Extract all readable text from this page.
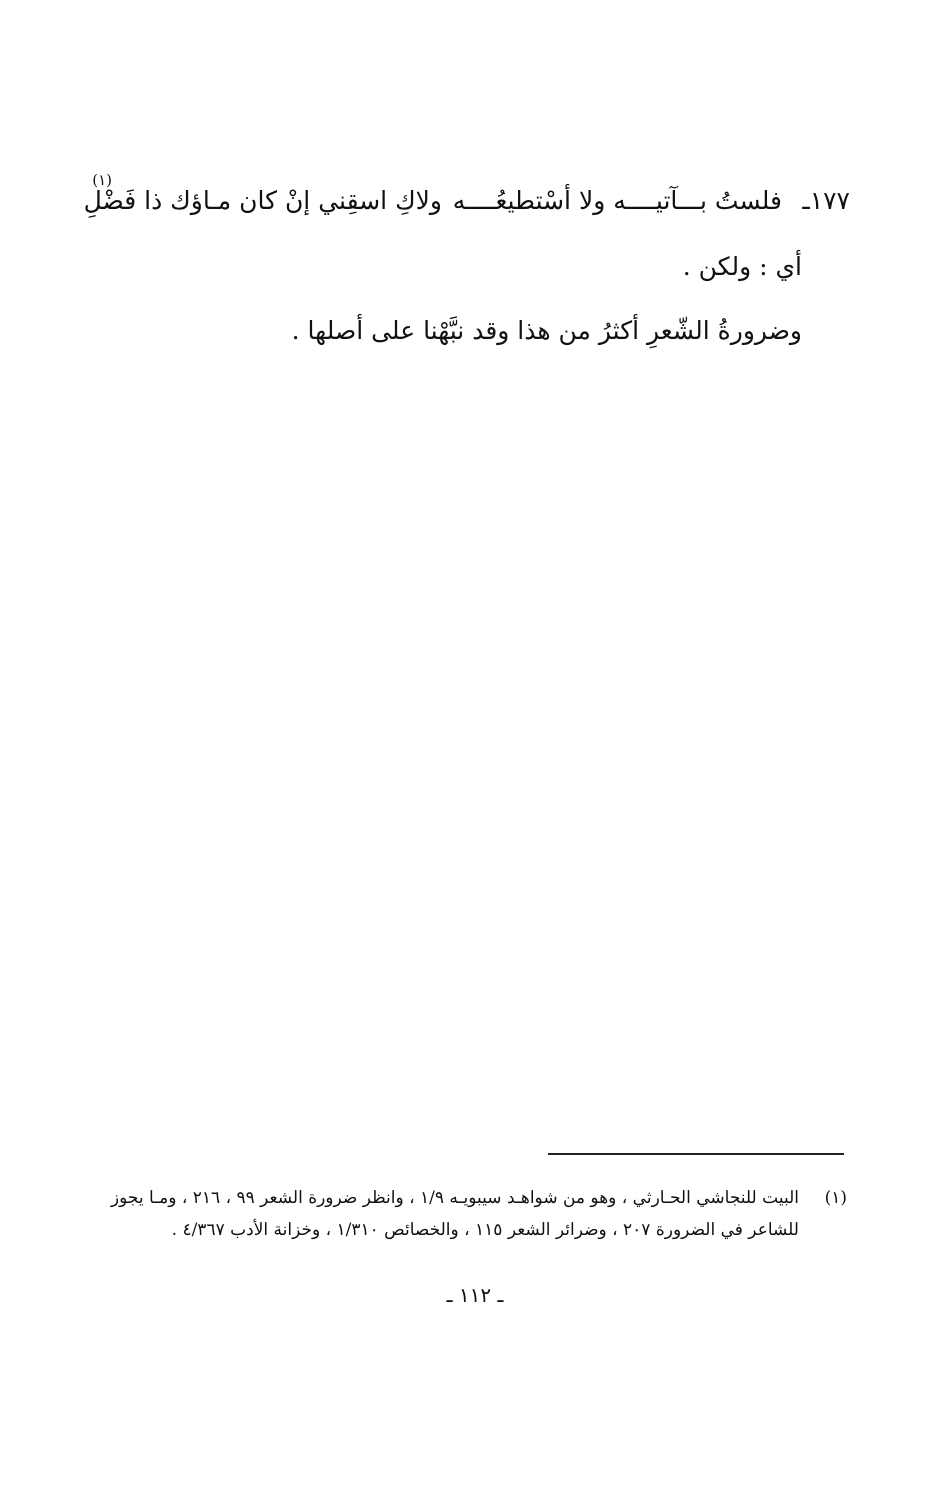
١٧٧ـ
فلستُ بـــآتيــــه ولا أسْتطيعُــــه
ولاكِ اسقِني إنْ كان مـاؤك ذا فَضْلِ
(١)
أي : ولكن .
وضرورةُ الشّعرِ أكثرُ من هذا وقد نبَّهْنا على أصلها .
(١)
البيت للنجاشي الحـارثي ، وهو من شواهـد سيبويـه ١/٩ ، وانظر ضرورة الشعر ٩٩ ، ٢١٦ ، ومـا يجوز
للشاعر في الضرورة ٢٠٧ ، وضرائر الشعر ١١٥ ، والخصائص ١/٣١٠ ، وخزانة الأدب ٤/٣٦٧ .
ـ ١١٢ ـ
